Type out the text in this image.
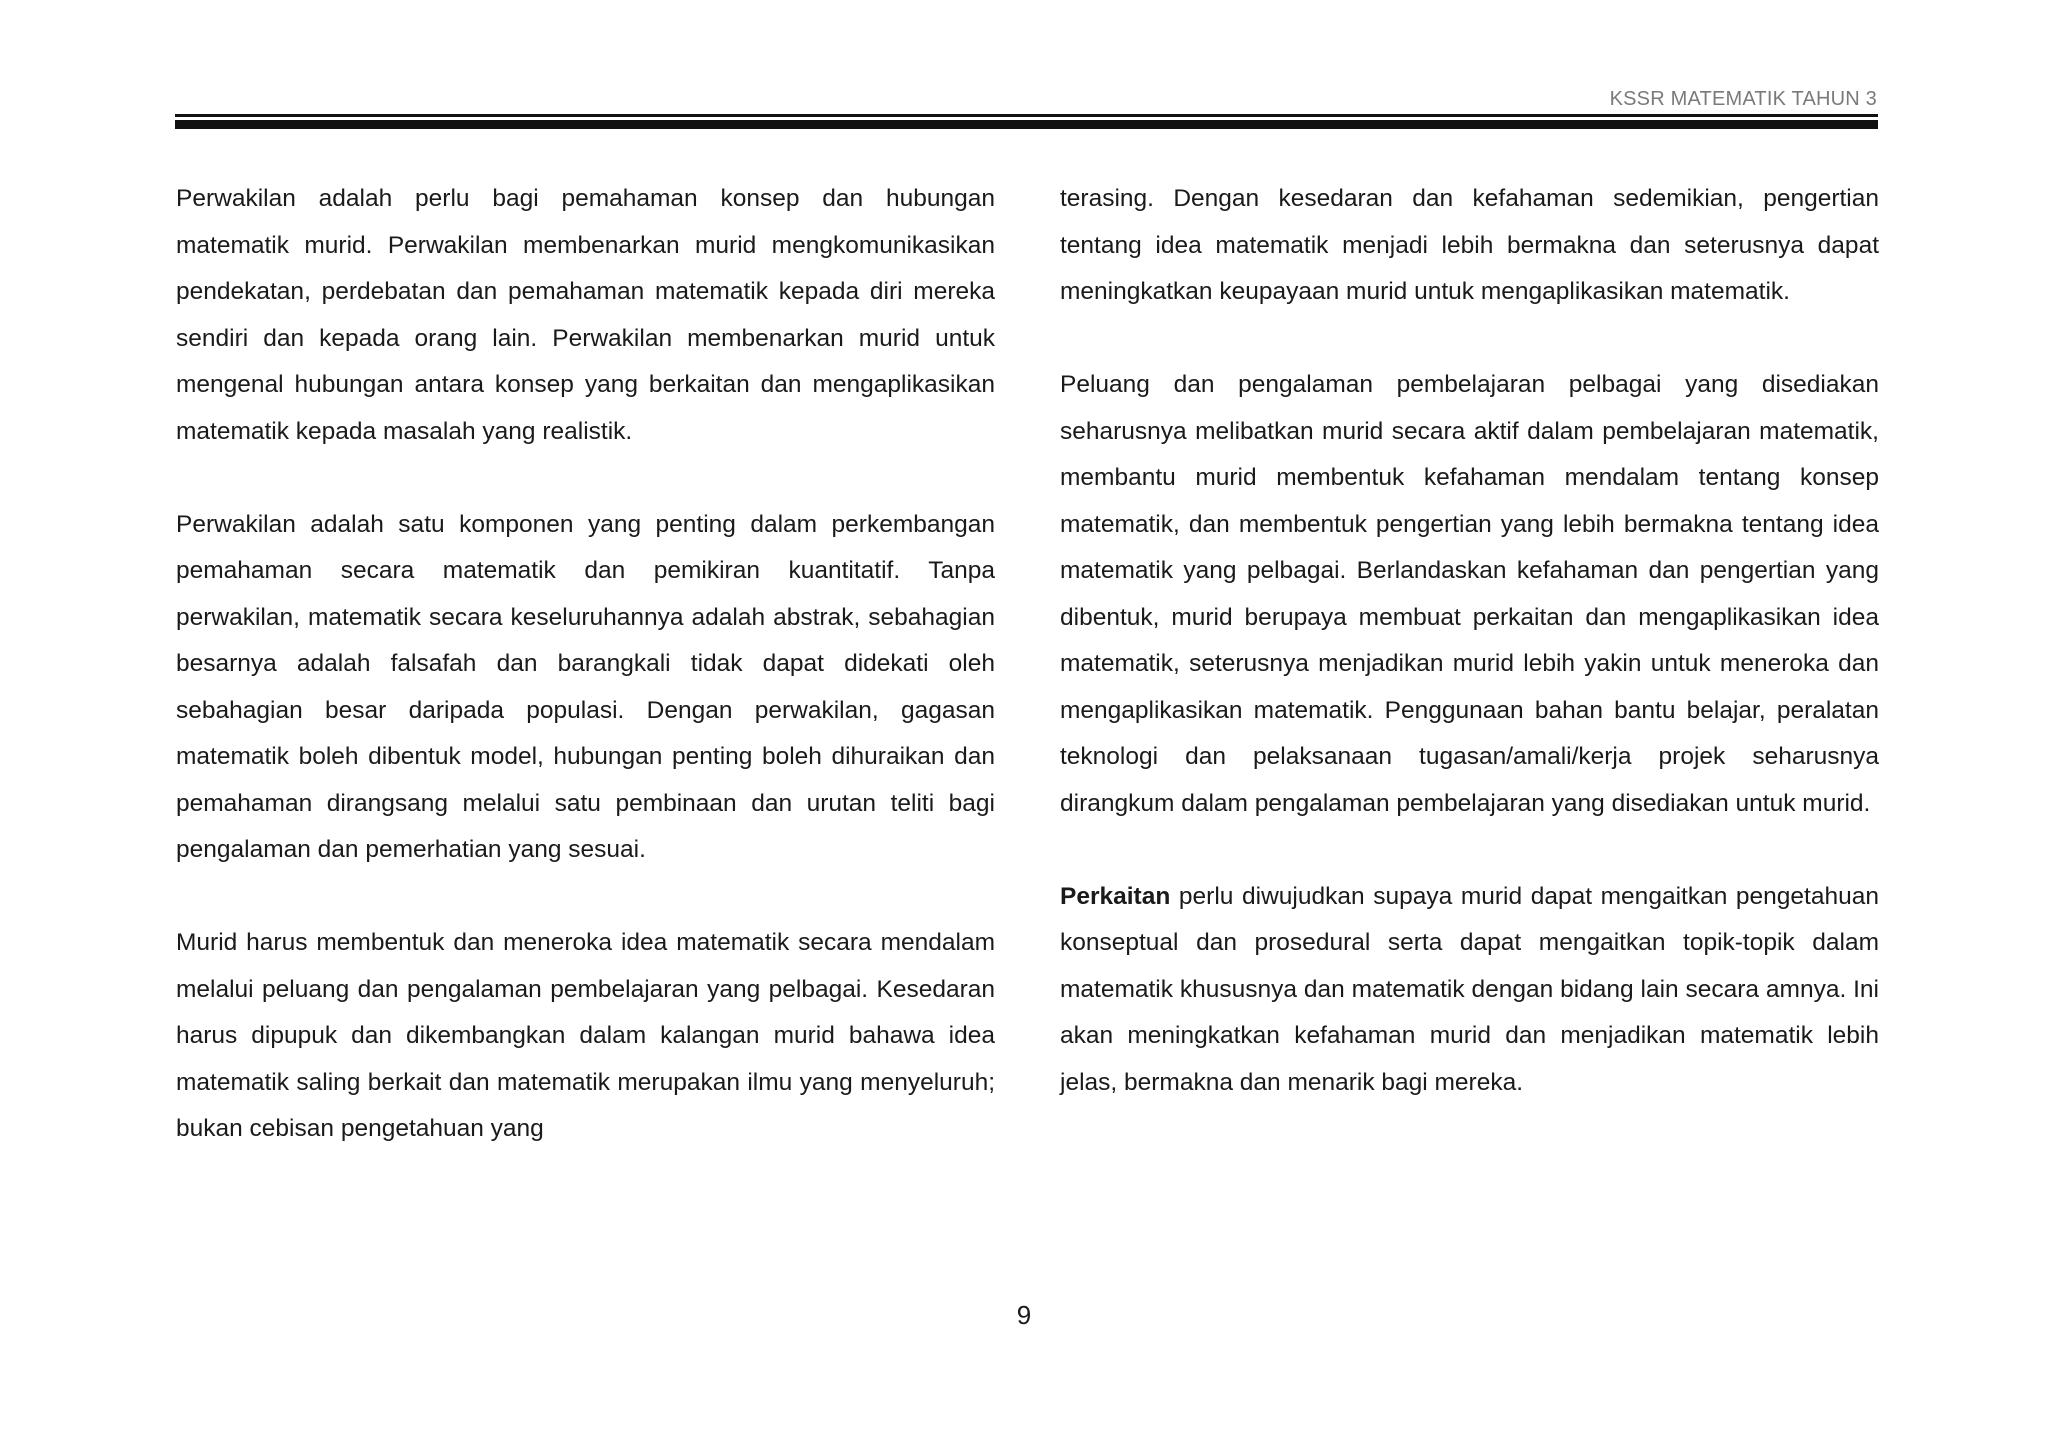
KSSR MATEMATIK TAHUN 3

Perwakilan adalah perlu bagi pemahaman konsep dan hubungan matematik murid. Perwakilan membenarkan murid mengkomunikasikan pendekatan, perdebatan dan pemahaman matematik kepada diri mereka sendiri dan kepada orang lain. Perwakilan membenarkan murid untuk mengenal hubungan antara konsep yang berkaitan dan mengaplikasikan matematik kepada masalah yang realistik.

Perwakilan adalah satu komponen yang penting dalam perkembangan pemahaman secara matematik dan pemikiran kuantitatif. Tanpa perwakilan, matematik secara keseluruhannya adalah abstrak, sebahagian besarnya adalah falsafah dan barangkali tidak dapat didekati oleh sebahagian besar daripada populasi. Dengan perwakilan, gagasan matematik boleh dibentuk model, hubungan penting boleh dihuraikan dan pemahaman dirangsang melalui satu pembinaan dan urutan teliti bagi pengalaman dan pemerhatian yang sesuai.

Murid harus membentuk dan meneroka idea matematik secara mendalam melalui peluang dan pengalaman pembelajaran yang pelbagai. Kesedaran harus dipupuk dan dikembangkan dalam kalangan murid bahawa idea matematik saling berkait dan matematik merupakan ilmu yang menyeluruh; bukan cebisan pengetahuan yang

terasing. Dengan kesedaran dan kefahaman sedemikian, pengertian tentang idea matematik menjadi lebih bermakna dan seterusnya dapat meningkatkan keupayaan murid untuk mengaplikasikan matematik.

Peluang dan pengalaman pembelajaran pelbagai yang disediakan seharusnya melibatkan murid secara aktif dalam pembelajaran matematik, membantu murid membentuk kefahaman mendalam tentang konsep matematik, dan membentuk pengertian yang lebih bermakna tentang idea matematik yang pelbagai. Berlandaskan kefahaman dan pengertian yang dibentuk, murid berupaya membuat perkaitan dan mengaplikasikan idea matematik, seterusnya menjadikan murid lebih yakin untuk meneroka dan mengaplikasikan matematik. Penggunaan bahan bantu belajar, peralatan teknologi dan pelaksanaan tugasan/amali/kerja projek seharusnya dirangkum dalam pengalaman pembelajaran yang disediakan untuk murid.

Perkaitan perlu diwujudkan supaya murid dapat mengaitkan pengetahuan konseptual dan prosedural serta dapat mengaitkan topik-topik dalam matematik khususnya dan matematik dengan bidang lain secara amnya. Ini akan meningkatkan kefahaman murid dan menjadikan matematik lebih jelas, bermakna dan menarik bagi mereka.

9
